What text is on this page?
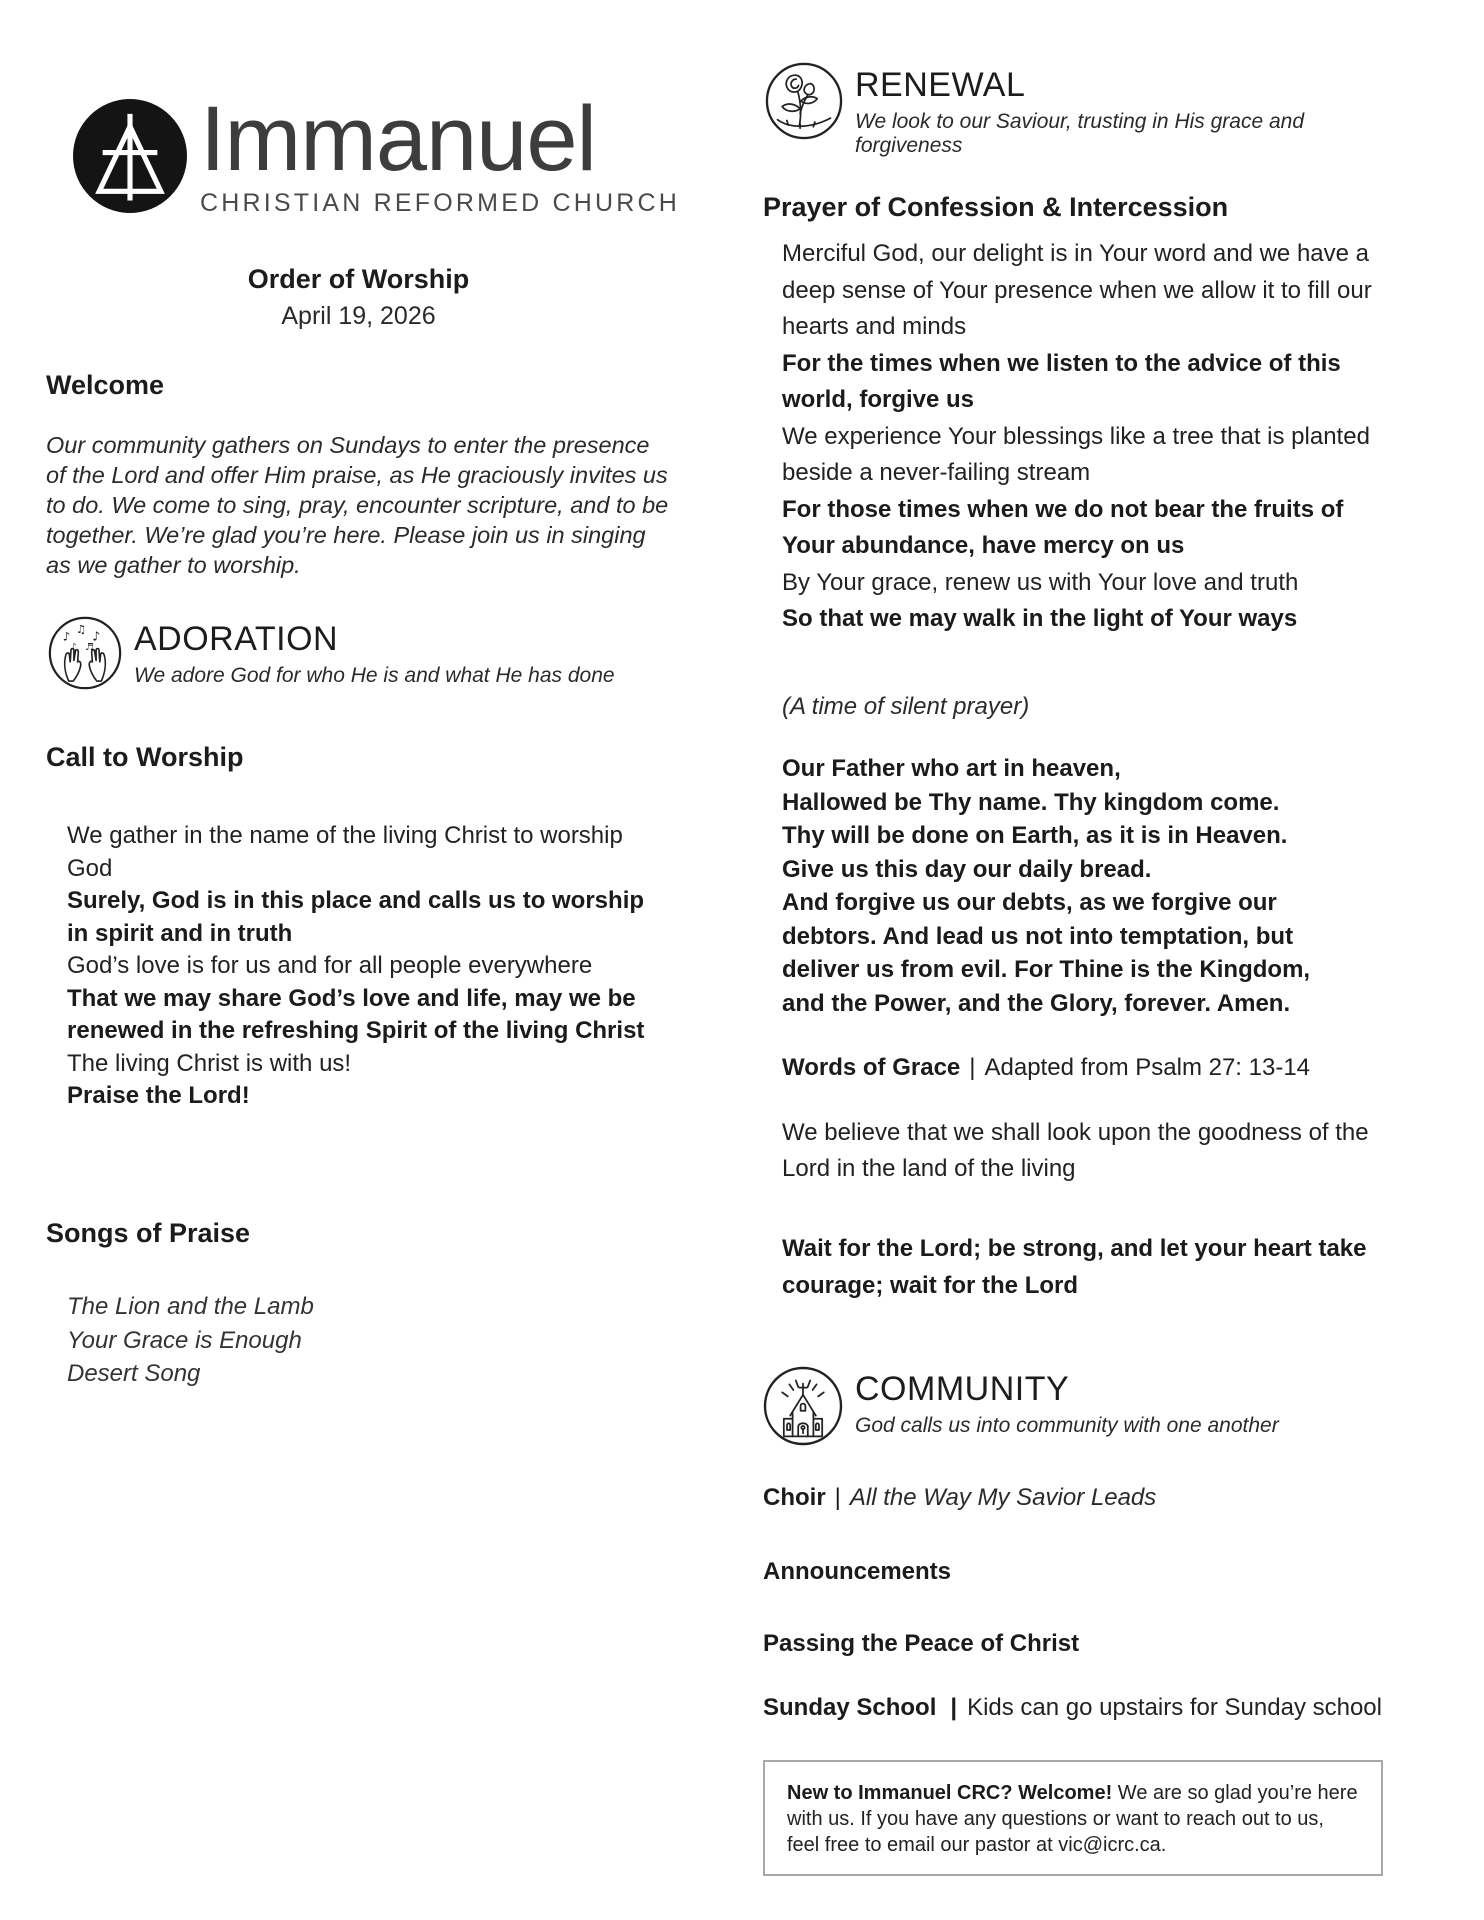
Immanuel
CHRISTIAN REFORMED CHURCH
Order of Worship
April 19, 2026
Welcome
Our community gathers on Sundays to enter the presence of the Lord and offer Him praise, as He graciously invites us to do. We come to sing, pray, encounter scripture, and to be together. We’re glad you’re here. Please join us in singing as we gather to worship.
♪ ♫ ♪
♪ ♬ ADORATION
We adore God for who He is and what He has done
Call to Worship
We gather in the name of the living Christ to worship God
Surely, God is in this place and calls us to worship in spirit and in truth
God’s love is for us and for all people everywhere
That we may share God’s love and life, may we be renewed in the refreshing Spirit of the living Christ
The living Christ is with us!
Praise the Lord!
Songs of Praise
The Lion and the Lamb
Your Grace is Enough
Desert Song
RENEWAL
We look to our Saviour, trusting in His grace and forgiveness
Prayer of Confession & Intercession
Merciful God, our delight is in Your word and we have a deep sense of Your presence when we allow it to fill our hearts and minds
For the times when we listen to the advice of this world, forgive us
We experience Your blessings like a tree that is planted beside a never-failing stream
For those times when we do not bear the fruits of Your abundance, have mercy on us
By Your grace, renew us with Your love and truth
So that we may walk in the light of Your ways
(A time of silent prayer)
Our Father who art in heaven,
Hallowed be Thy name. Thy kingdom come.
Thy will be done on Earth, as it is in Heaven.
Give us this day our daily bread.
And forgive us our debts, as we forgive our
debtors. And lead us not into temptation, but
deliver us from evil. For Thine is the Kingdom,
and the Power, and the Glory, forever. Amen.
Words of Grace | Adapted from Psalm 27: 13-14
We believe that we shall look upon the goodness of the Lord in the land of the living
Wait for the Lord; be strong, and let your heart take courage; wait for the Lord
COMMUNITY
God calls us into community with one another
Choir | All the Way My Savior Leads
Announcements
Passing the Peace of Christ
Sunday School | Kids can go upstairs for Sunday school
New to Immanuel CRC? Welcome! We are so glad you’re here with us. If you have any questions or want to reach out to us, feel free to email our pastor at vic@icrc.ca.
